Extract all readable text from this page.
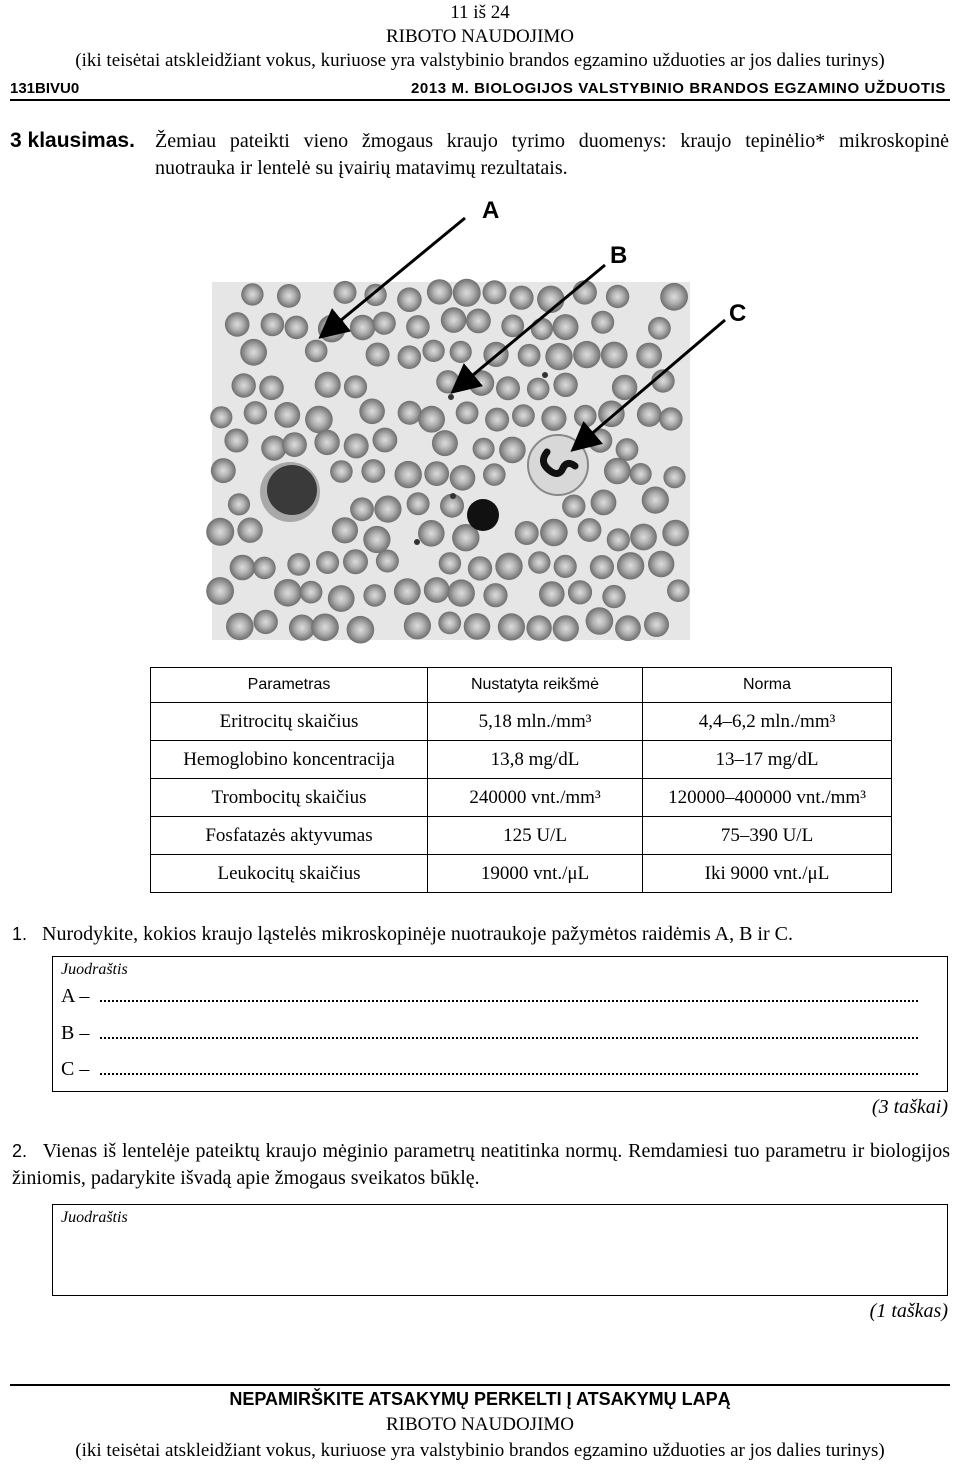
11 iš 24
RIBOTO NAUDOJIMO
(iki teisėtai atskleidžiant vokus, kuriuose yra valstybinio brandos egzamino užduoties ar jos dalies turinys)
131BIVU0	2013 M. BIOLOGIJOS VALSTYBINIO BRANDOS EGZAMINO UŽDUOTIS
3 klausimas. Žemiau pateikti vieno žmogaus kraujo tyrimo duomenys: kraujo tepinėlio* mikroskopinė nuotrauka ir lentelė su įvairių matavimų rezultatais.
A
B
C
Parametras	Nustatyta reikšmė	Norma
Eritrocitų skaičius	5,18 mln./mm³	4,4–6,2 mln./mm³
Hemoglobino koncentracija	13,8 mg/dL	13–17 mg/dL
Trombocitų skaičius	240000 vnt./mm³	120000–400000 vnt./mm³
Fosfatazės aktyvumas	125 U/L	75–390 U/L
Leukocitų skaičius	19000 vnt./μL	Iki 9000 vnt./μL
1. Nurodykite, kokios kraujo ląstelės mikroskopinėje nuotraukoje pažymėtos raidėmis A, B ir C.
Juodraštis
A –
B –
C –
(3 taškai)
2. Vienas iš lentelėje pateiktų kraujo mėginio parametrų neatitinka normų. Remdamiesi tuo parametru ir biologijos žiniomis, padarykite išvadą apie žmogaus sveikatos būklę.
Juodraštis
(1 taškas)
NEPAMIRŠKITE ATSAKYMŲ PERKELTI Į ATSAKYMŲ LAPĄ
RIBOTO NAUDOJIMO
(iki teisėtai atskleidžiant vokus, kuriuose yra valstybinio brandos egzamino užduoties ar jos dalies turinys)
